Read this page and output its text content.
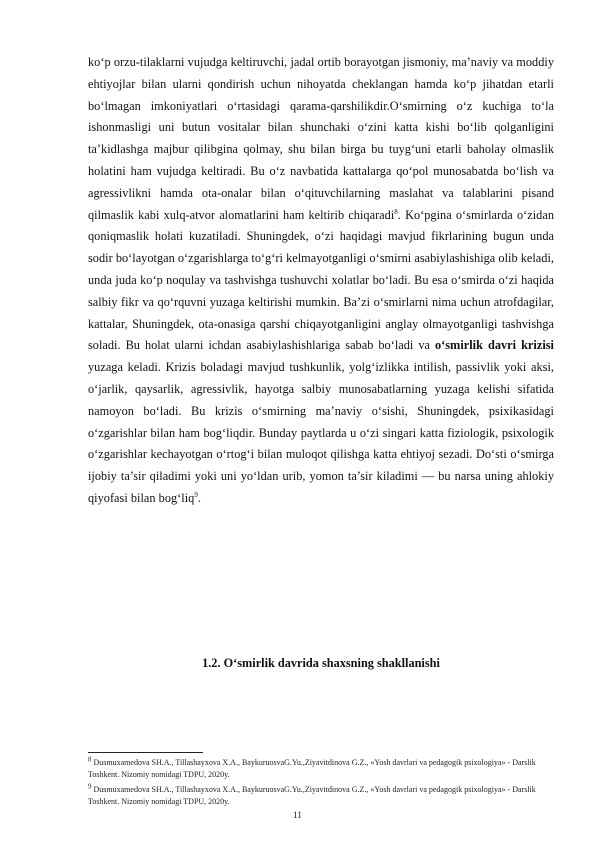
ko‘p orzu-tilaklarni vujudga keltiruvchi, jadal ortib borayotgan jismoniy, ma’naviy va moddiy ehtiyojlar bilan ularni qondirish uchun nihoyatda cheklangan hamda ko‘p jihatdan etarli bo‘lmagan imkoniyatlari o‘rtasidagi qarama-qarshilikdir.O‘smirning o‘z kuchiga to‘la ishonmasligi uni butun vositalar bilan shunchaki o‘zini katta kishi bo‘lib qolganligini ta’kidlashga majbur qilibgina qolmay, shu bilan birga bu tuyg‘uni etarli baholay olmaslik holatini ham vujudga keltiradi. Bu o‘z navbatida kattalarga qo‘pol munosabatda bo‘lish va agressivlikni hamda ota-onalar bilan o‘qituvchilarning maslahat va talablarini pisand qilmaslik kabi xulq-atvor alomatlarini ham keltirib chiqaradi$^8$. Ko‘pgina o‘smirlarda o‘zidan qoniqmaslik holati kuzatiladi. Shuningdek, o‘zi haqidagi mavjud fikrlarining bugun unda sodir bo‘layotgan o‘zgarishlarga to‘g‘ri kelmayotganligi o‘smirni asabiylashishiga olib keladi, unda juda ko‘p noqulay va tashvishga tushuvchi xolatlar bo‘ladi. Bu esa o‘smirda o‘zi haqida salbiy fikr va qo‘rquvni yuzaga keltirishi mumkin. Ba’zi o‘smirlarni nima uchun atrofdagilar, kattalar, Shuningdek, ota-onasiga qarshi chiqayotganligini anglay olmayotganligi tashvishga soladi. Bu holat ularni ichdan asabiylashishlariga sabab bo‘ladi va o‘smirlik davri krizisi yuzaga keladi. Krizis boladagi mavjud tushkunlik, yolg‘izlikka intilish, passivlik yoki aksi, o‘jarlik, qaysarlik, agressivlik, hayotga salbiy munosabatlarning yuzaga kelishi sifatida namoyon bo‘ladi. Bu krizis o‘smirning ma’naviy o‘sishi, Shuningdek, psixikasidagi o‘zgarishlar bilan ham bog‘liqdir. Bunday paytlarda u o‘zi singari katta fiziologik, psixologik o‘zgarishlar kechayotgan o‘rtog‘i bilan muloqot qilishga katta ehtiyoj sezadi. Do‘sti o‘smirga ijobiy ta’sir qiladimi yoki uni yo‘ldan urib, yomon ta’sir kiladimi — bu narsa uning ahlokiy qiyofasi bilan bog‘liq$^9$.
1.2. O‘smirlik davrida shaxsning shakllanishi
$^8$ Dusmuxamedova SH.A., Tillashayxova X.A., BaykuruosvaG.Yu.,Ziyavitdinova G.Z., «Yosh davrlari va pedagogik psixologiya» - Darslik Toshkent. Nizomiy nomidagi TDPU, 2020y.
$^9$ Dusmuxamedova SH.A., Tillashayxova X.A., BaykuruosvaG.Yu.,Ziyavitdinova G.Z., «Yosh davrlari va pedagogik psixologiya» - Darslik Toshkent. Nizomiy nomidagi TDPU, 2020y.
11
